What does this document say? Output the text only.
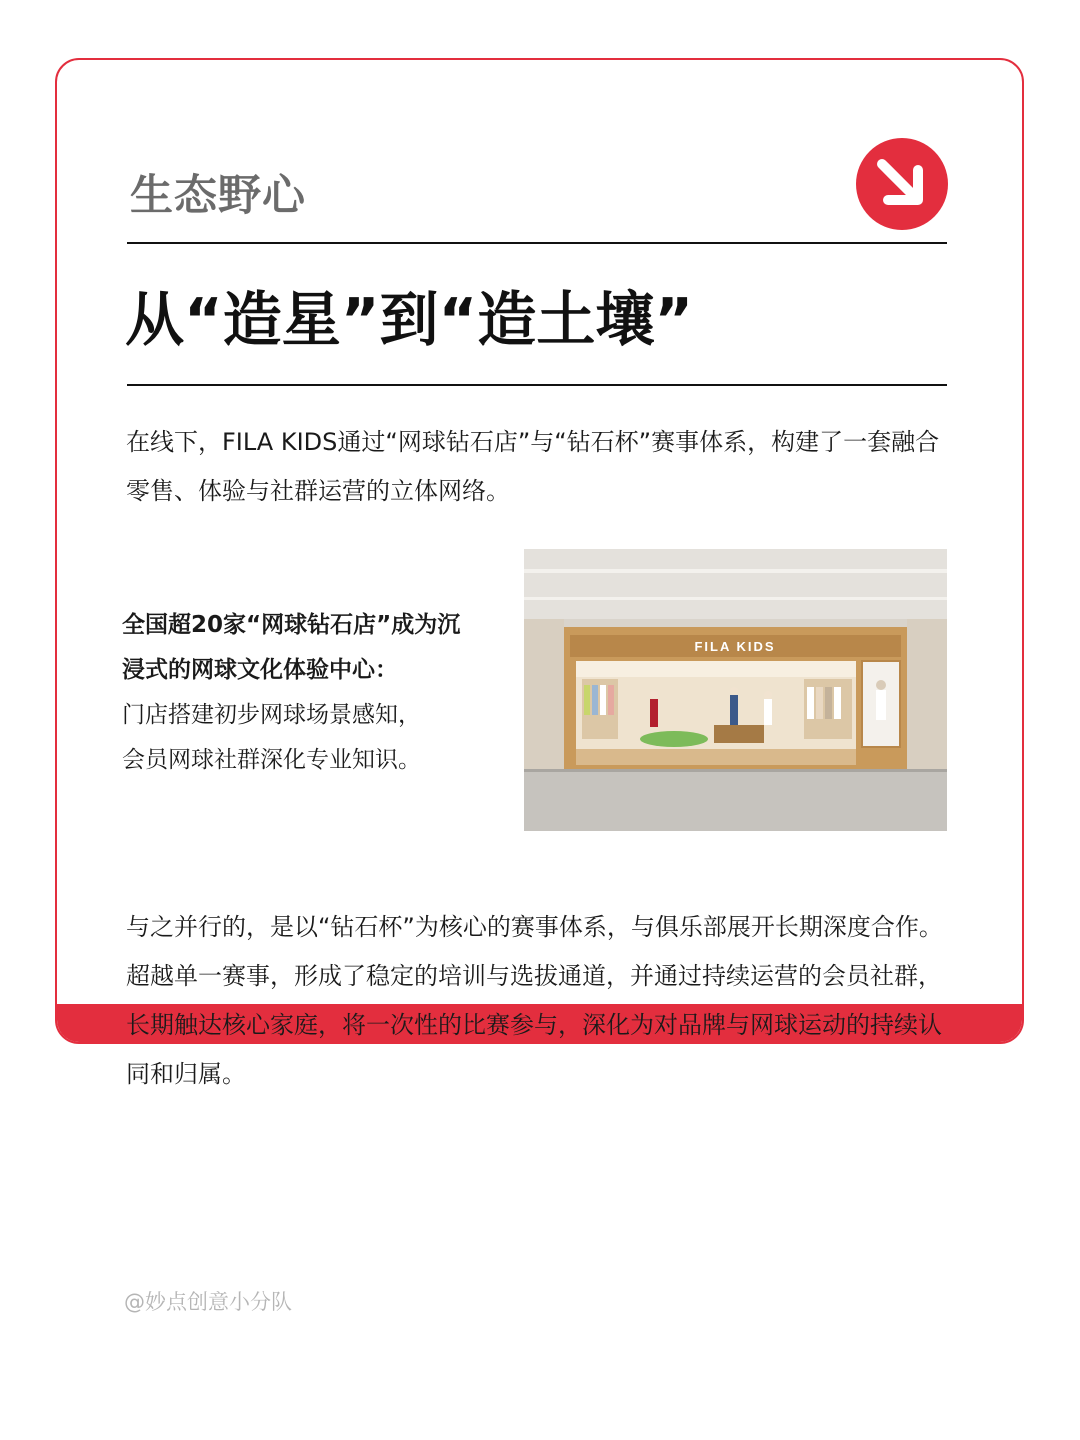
生态野心
从“造星”到“造土壤”

在线下，FILA KIDS通过“网球钻石店”与“钻石杯”赛事体系，构建了一套融合零售、体验与社群运营的立体网络。

全国超20家“网球钻石店”成为沉
浸式的网球文化体验中心：
门店搭建初步网球场景感知，
会员网球社群深化专业知识。
FILA KIDS

与之并行的，是以“钻石杯”为核心的赛事体系，与俱乐部展开长期深度合作。超越单一赛事，形成了稳定的培训与选拔通道，并通过持续运营的会员社群，长期触达核心家庭，将一次性的比赛参与，深化为对品牌与网球运动的持续认同和归属。

@妙点创意小分队
